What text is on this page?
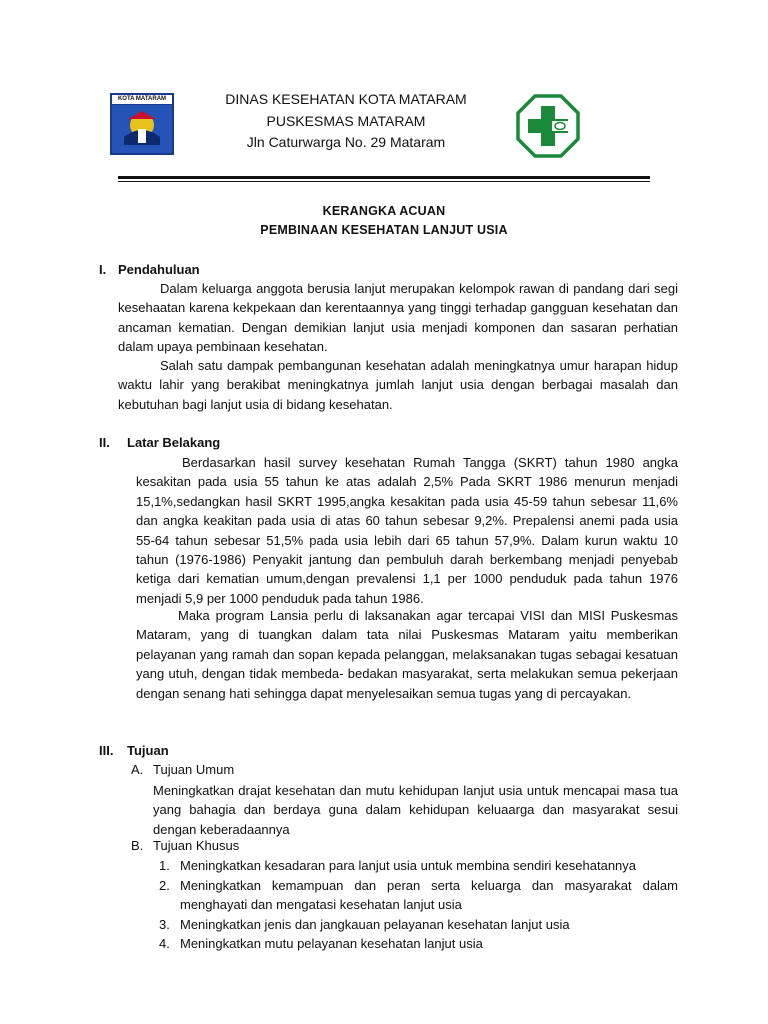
KOTA MATARAM	DINAS KESEHATAN KOTA MATARAM

PUSKESMAS MATARAM

Jln Caturwarga No. 29 Mataram

KERANGKA ACUAN
PEMBINAAN KESEHATAN LANJUT USIA
I. Pendahuluan

Dalam keluarga anggota berusia lanjut merupakan kelompok rawan di pandang dari segi kesehaatan karena kekpekaan dan kerentaannya yang tinggi terhadap gangguan kesehatan dan ancaman kematian. Dengan demikian lanjut usia menjadi komponen dan sasaran perhatian dalam upaya pembinaan kesehatan.

Salah satu dampak pembangunan kesehatan adalah meningkatnya umur harapan hidup waktu lahir yang berakibat meningkatnya jumlah lanjut usia dengan berbagai masalah dan kebutuhan bagi lanjut usia di bidang kesehatan.

II. Latar Belakang

Berdasarkan hasil survey kesehatan Rumah Tangga (SKRT) tahun 1980 angka kesakitan pada usia 55 tahun ke atas adalah 2,5% Pada SKRT 1986 menurun menjadi 15,1%,sedangkan hasil SKRT 1995,angka kesakitan pada usia 45-59 tahun sebesar 11,6% dan angka keakitan pada usia di atas 60 tahun sebesar 9,2%. Prepalensi anemi pada usia 55-64 tahun sebesar 51,5% pada usia lebih dari 65 tahun 57,9%. Dalam kurun waktu 10 tahun (1976-1986) Penyakit jantung dan pembuluh darah berkembang menjadi penyebab ketiga dari kematian umum,dengan prevalensi 1,1 per 1000 penduduk pada tahun 1976 menjadi 5,9 per 1000 penduduk pada tahun 1986.

Maka program Lansia perlu di laksanakan agar tercapai VISI dan MISI Puskesmas Mataram, yang di tuangkan dalam tata nilai Puskesmas Mataram yaitu memberikan pelayanan yang ramah dan sopan kepada pelanggan, melaksanakan tugas sebagai kesatuan yang utuh, dengan tidak membeda- bedakan masyarakat, serta melakukan semua pekerjaan dengan senang hati sehingga dapat menyelesaikan semua tugas yang di percayakan.

III. Tujuan
A. Tujuan Umum

Meningkatkan drajat kesehatan dan mutu kehidupan lanjut usia untuk mencapai masa tua yang bahagia dan berdaya guna dalam kehidupan keluaarga dan masyarakat sesui dengan keberadaannya

B. Tujuan Khusus
1. Meningkatkan kesadaran para lanjut usia untuk membina sendiri kesehatannya

2. Meningkatkan kemampuan dan peran serta keluarga dan masyarakat dalam menghayati dan mengatasi kesehatan lanjut usia

3. Meningkatkan jenis dan jangkauan pelayanan kesehatan lanjut usia

4. Meningkatkan mutu pelayanan kesehatan lanjut usia
